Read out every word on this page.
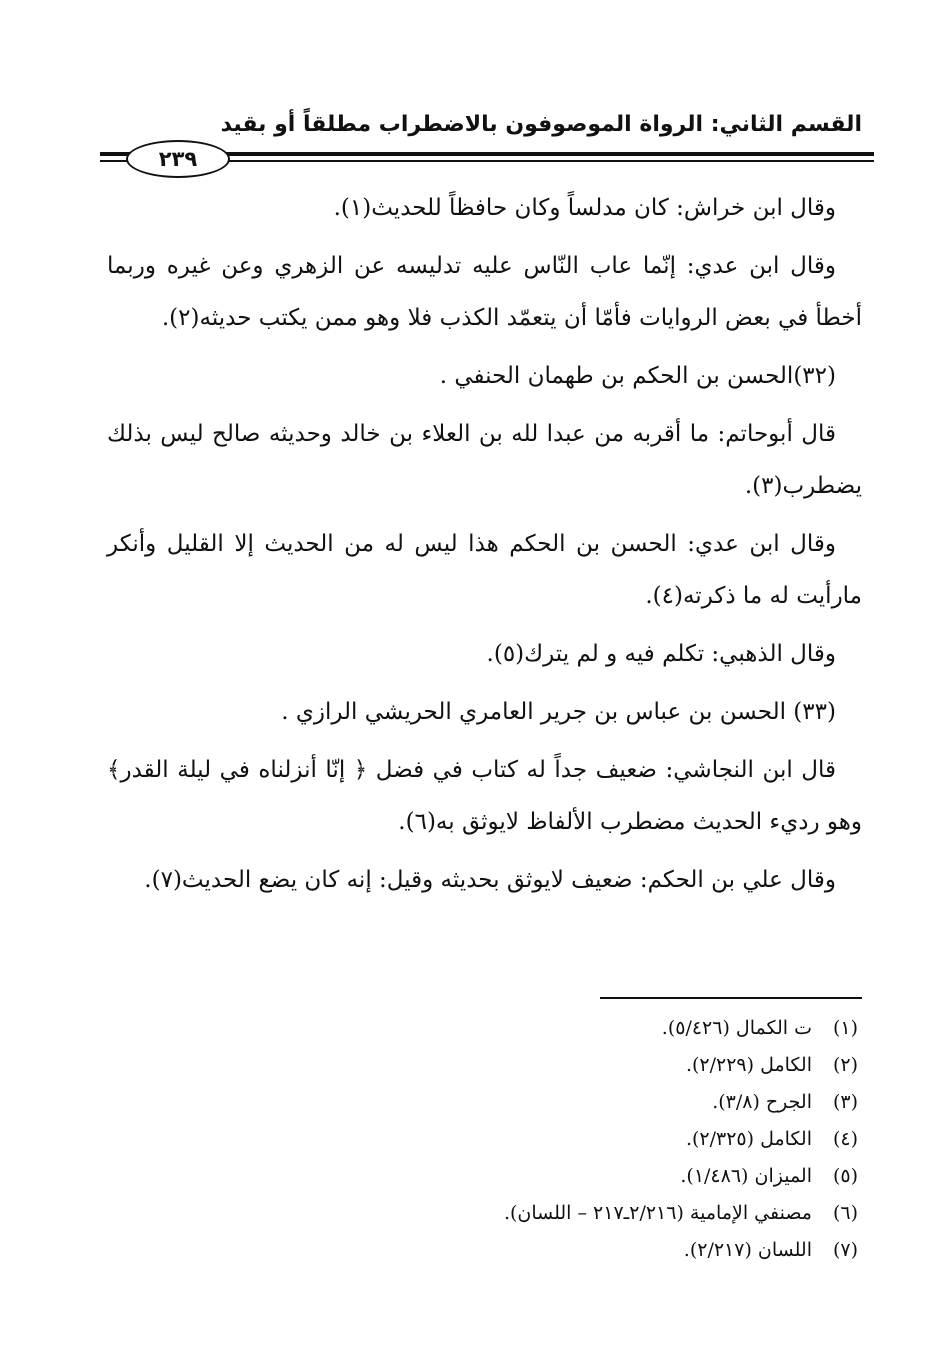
القسم الثاني: الرواة الموصوفون بالاضطراب مطلقاً أو بقيد
٢٣٩

وقال ابن خراش: كان مدلساً وكان حافظاً للحديث(١).

وقال ابن عدي: إنّما عاب النّاس عليه تدليسه عن الزهري وعن غيره وربما أخطأ في بعض الروايات فأمّا أن يتعمّد الكذب فلا وهو ممن يكتب حديثه(٢).

(٣٢)الحسن بن الحكم بن طهمان الحنفي .

قال أبوحاتم: ما أقربه من عبدا لله بن العلاء بن خالد وحديثه صالح ليس بذلك يضطرب(٣).

وقال ابن عدي: الحسن بن الحكم هذا ليس له من الحديث إلا القليل وأنكر مارأيت له ما ذكرته(٤).

وقال الذهبي: تكلم فيه و لم يترك(٥).

(٣٣) الحسن بن عباس بن جرير العامري الحريشي الرازي .

قال ابن النجاشي: ضعيف جداً له كتاب في فضل ﴿ إنّا أنزلناه في ليلة القدر﴾ وهو رديء الحديث مضطرب الألفاظ لايوثق به(٦).

وقال علي بن الحكم: ضعيف لايوثق بحديثه وقيل: إنه كان يضع الحديث(٧).

(١)ت الكمال (٥/٤٢٦).
(٢)الكامل (٢/٢٢٩).
(٣)الجرح (٣/٨).
(٤)الكامل (٢/٣٢٥).
(٥)الميزان (١/٤٨٦).
(٦)مصنفي الإمامية (٢/٢١٦ـ٢١٧ – اللسان).
(٧)اللسان (٢/٢١٧).
